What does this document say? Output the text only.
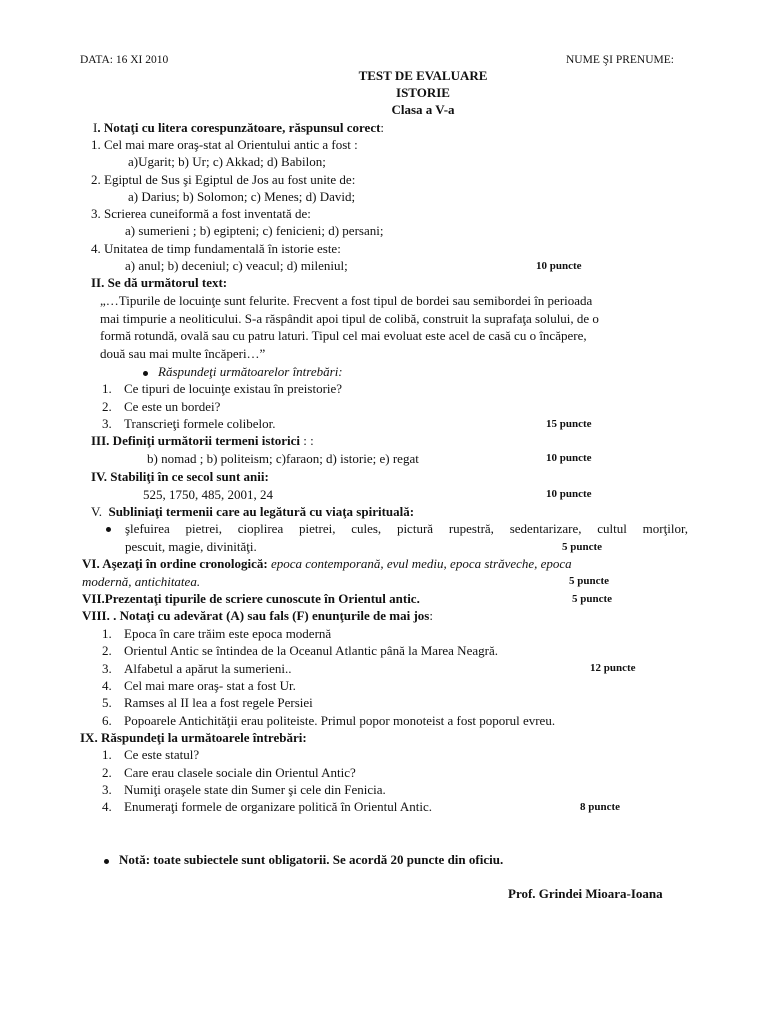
DATA: 16 XI 2010	NUME ŞI PRENUME:
TEST DE EVALUARE
ISTORIE
Clasa a V-a
I. Notaţi cu litera corespunzătoare, răspunsul corect:
1. Cel mai mare oraş-stat al Orientului antic a fost :
a)Ugarit; b) Ur; c) Akkad; d) Babilon;
2. Egiptul de Sus şi Egiptul de Jos au fost unite de:
a) Darius; b) Solomon; c) Menes; d) David;
3. Scrierea cuneiformă a fost inventată de:
a) sumerieni ; b) egipteni; c) fenicieni; d) persani;
4. Unitatea de timp fundamentală în istorie este:
a) anul; b) deceniul; c) veacul; d) mileniul;	10 puncte
II. Se dă următorul text:
„…Tipurile de locuinţe sunt felurite. Frecvent a fost tipul de bordei sau semibordei în perioada
mai timpurie a neoliticului. S-a răspândit apoi tipul de colibă, construit la suprafaţa solului, de o
formă rotundă, ovală sau cu patru laturi. Tipul cel mai evoluat este acel de casă cu o încăpere,
două sau mai multe încăperi…”
Răspundeţi următoarelor întrebări:
1. Ce tipuri de locuinţe existau în preistorie?
2. Ce este un bordei?
3. Transcrieţi formele colibelor.	15 puncte
III. Definiţi următorii termeni istorici : :
b) nomad ; b) politeism; c)faraon; d) istorie; e) regat	10 puncte
IV. Stabiliţi în ce secol sunt anii:
525, 1750, 485, 2001, 24	10 puncte
V. Subliniaţi termenii care au legătură cu viaţa spirituală:
şlefuirea pietrei, cioplirea pietrei, cules, pictură rupestră, sedentarizare, cultul morţilor,
pescuit, magie, divinităţi.	5 puncte
VI. Aşezaţi în ordine cronologică: epoca contemporană, evul mediu, epoca străveche, epoca
modernă, antichitatea.	5 puncte
VII.Prezentaţi tipurile de scriere cunoscute în Orientul antic.	5 puncte
VIII. . Notaţi cu adevărat (A) sau fals (F) enunţurile de mai jos:
1. Epoca în care trăim este epoca modernă
2. Orientul Antic se întindea de la Oceanul Atlantic până la Marea Neagră.
3. Alfabetul a apărut la sumerieni..	12 puncte
4. Cel mai mare oraş- stat a fost Ur.
5. Ramses al II lea a fost regele Persiei
6. Popoarele Antichităţii erau politeiste. Primul popor monoteist a fost poporul evreu.
IX. Răspundeţi la următoarele întrebări:
1. Ce este statul?
2. Care erau clasele sociale din Orientul Antic?
3. Numiţi oraşele state din Sumer şi cele din Fenicia.
4. Enumeraţi formele de organizare politică în Orientul Antic.	8 puncte
Notă: toate subiectele sunt obligatorii. Se acordă 20 puncte din oficiu.
Prof. Grindei Mioara-Ioana
